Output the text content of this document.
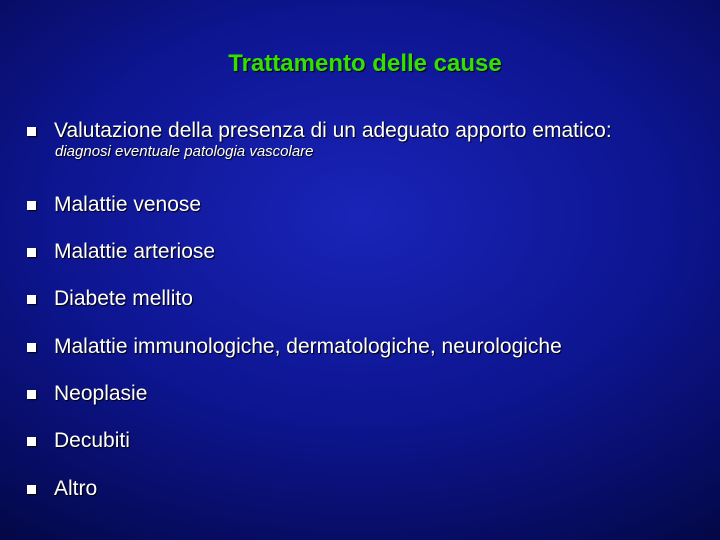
Trattamento delle cause
Valutazione della presenza di un adeguato apporto ematico:
diagnosi eventuale patologia vascolare
Malattie venose
Malattie arteriose
Diabete mellito
Malattie immunologiche, dermatologiche, neurologiche
Neoplasie
Decubiti
Altro
